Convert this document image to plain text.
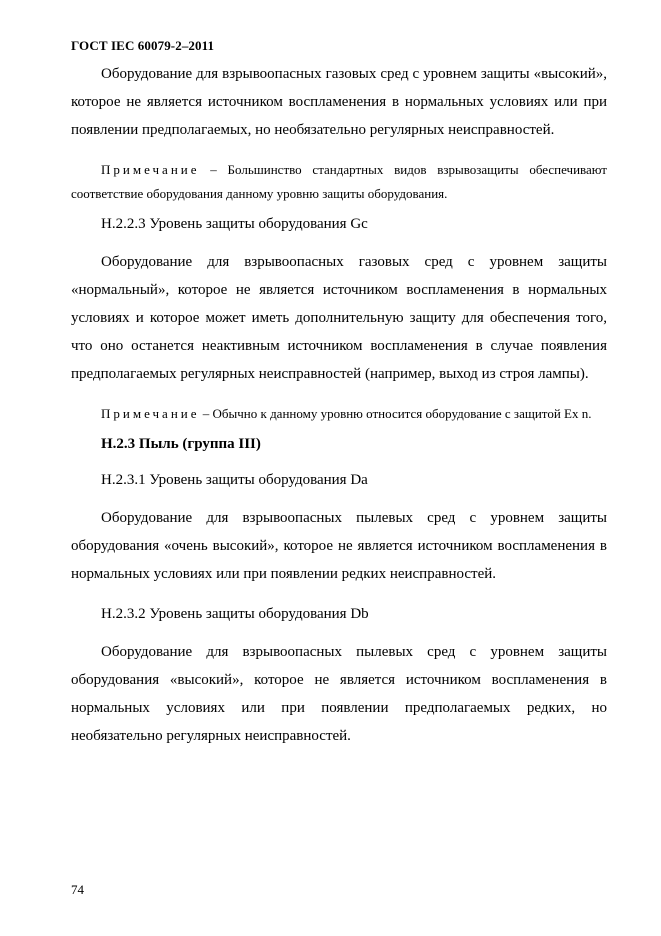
ГОСТ IEC 60079-2–2011

Оборудование для взрывоопасных газовых сред с уровнем защиты «высокий», которое не является источником воспламенения в нормальных условиях или при появлении предполагаемых, но необязательно регулярных неисправностей.

Примечание – Большинство стандартных видов взрывозащиты обеспечивают соответствие оборудования данному уровню защиты оборудования.

Н.2.2.3 Уровень защиты оборудования Gc

Оборудование для взрывоопасных газовых сред с уровнем защиты «нормальный», которое не является источником воспламенения в нормальных условиях и которое может иметь дополнительную защиту для обеспечения того, что оно останется неактивным источником воспламенения в случае появления предполагаемых регулярных неисправностей (например, выход из строя лампы).

Примечание – Обычно к данному уровню относится оборудование с защитой Ex n.

Н.2.3 Пыль (группа III)

Н.2.3.1 Уровень защиты оборудования Da

Оборудование для взрывоопасных пылевых сред с уровнем защиты оборудования «очень высокий», которое не является источником воспламенения в нормальных условиях или при появлении редких неисправностей.

Н.2.3.2 Уровень защиты оборудования Db

Оборудование для взрывоопасных пылевых сред с уровнем защиты оборудования «высокий», которое не является источником воспламенения в нормальных условиях или при появлении предполагаемых редких, но необязательно регулярных неисправностей.

74
